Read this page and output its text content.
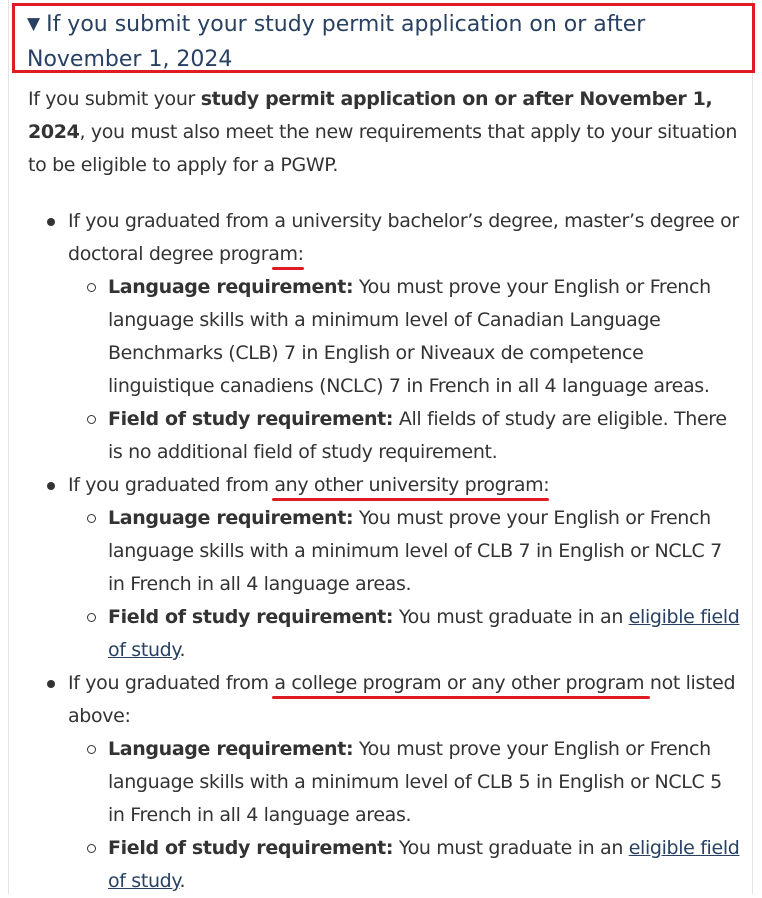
▼ If you submit your study permit application on or after November 1, 2024

If you submit your study permit application on or after November 1, 2024, you must also meet the new requirements that apply to your situation to be eligible to apply for a PGWP.

If you graduated from a university bachelor’s degree, master’s degree or doctoral degree program:
Language requirement: You must prove your English or French language skills with a minimum level of Canadian Language Benchmarks (CLB) 7 in English or Niveaux de competence linguistique canadiens (NCLC) 7 in French in all 4 language areas.
Field of study requirement: All fields of study are eligible. There is no additional field of study requirement.
If you graduated from any other university program:
Language requirement: You must prove your English or French language skills with a minimum level of CLB 7 in English or NCLC 7 in French in all 4 language areas.
Field of study requirement: You must graduate in an eligible field of study.
If you graduated from a college program or any other program not listed above:
Language requirement: You must prove your English or French language skills with a minimum level of CLB 5 in English or NCLC 5 in French in all 4 language areas.
Field of study requirement: You must graduate in an eligible field of study.
